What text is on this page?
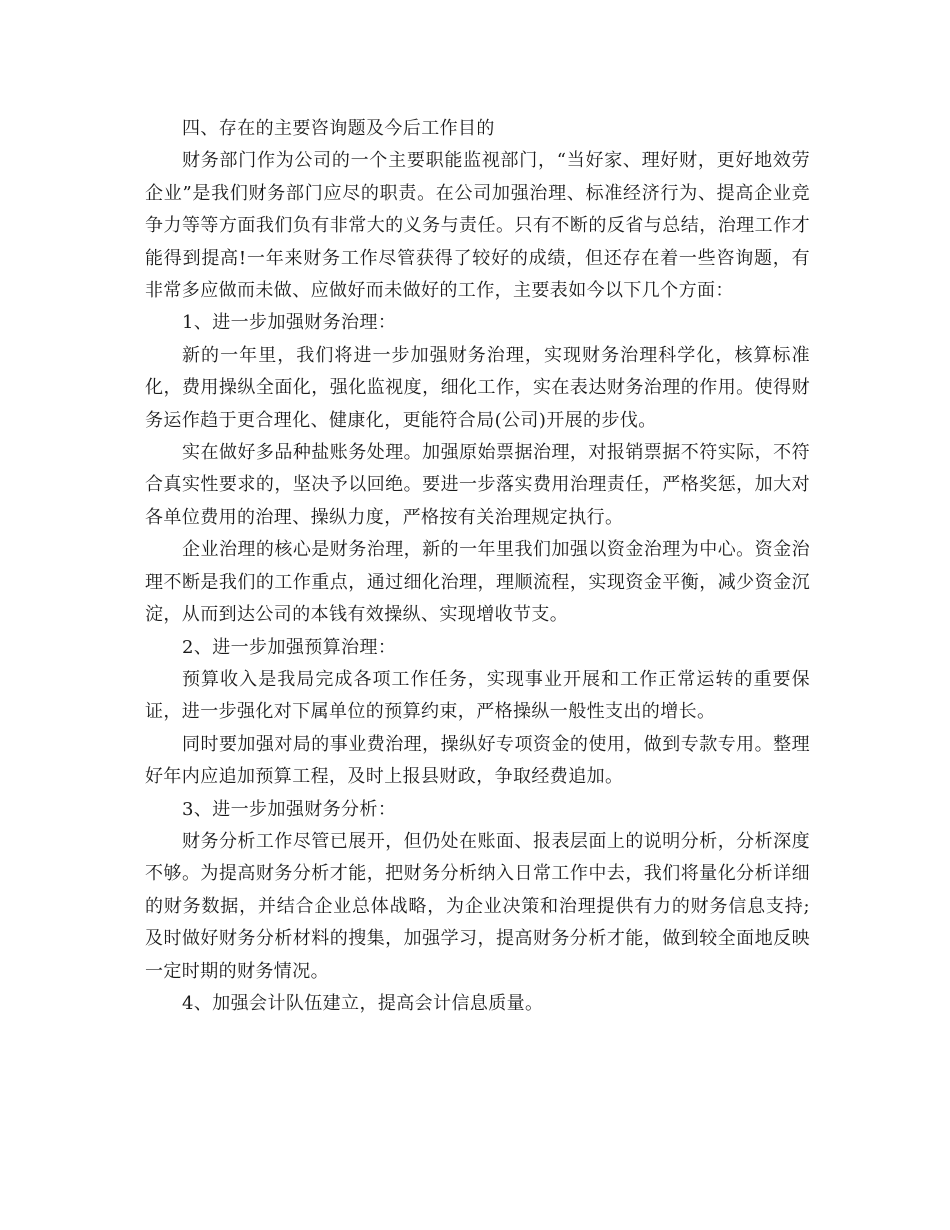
四、存在的主要咨询题及今后工作目的

财务部门作为公司的一个主要职能监视部门，“当好家、理好财，更好地效劳企业”是我们财务部门应尽的职责。在公司加强治理、标准经济行为、提高企业竞争力等等方面我们负有非常大的义务与责任。只有不断的反省与总结，治理工作才能得到提高!一年来财务工作尽管获得了较好的成绩，但还存在着一些咨询题，有非常多应做而未做、应做好而未做好的工作，主要表如今以下几个方面：

1、进一步加强财务治理：

新的一年里，我们将进一步加强财务治理，实现财务治理科学化，核算标准化，费用操纵全面化，强化监视度，细化工作，实在表达财务治理的作用。使得财务运作趋于更合理化、健康化，更能符合局(公司)开展的步伐。

实在做好多品种盐账务处理。加强原始票据治理，对报销票据不符实际，不符合真实性要求的，坚决予以回绝。要进一步落实费用治理责任，严格奖惩，加大对各单位费用的治理、操纵力度，严格按有关治理规定执行。

企业治理的核心是财务治理，新的一年里我们加强以资金治理为中心。资金治理不断是我们的工作重点，通过细化治理，理顺流程，实现资金平衡，减少资金沉淀，从而到达公司的本钱有效操纵、实现增收节支。

2、进一步加强预算治理：

预算收入是我局完成各项工作任务，实现事业开展和工作正常运转的重要保证，进一步强化对下属单位的预算约束，严格操纵一般性支出的增长。

同时要加强对局的事业费治理，操纵好专项资金的使用，做到专款专用。整理好年内应追加预算工程，及时上报县财政，争取经费追加。

3、进一步加强财务分析：

财务分析工作尽管已展开，但仍处在账面、报表层面上的说明分析，分析深度不够。为提高财务分析才能，把财务分析纳入日常工作中去，我们将量化分析详细的财务数据，并结合企业总体战略，为企业决策和治理提供有力的财务信息支持;及时做好财务分析材料的搜集，加强学习，提高财务分析才能，做到较全面地反映一定时期的财务情况。

4、加强会计队伍建立，提高会计信息质量。
